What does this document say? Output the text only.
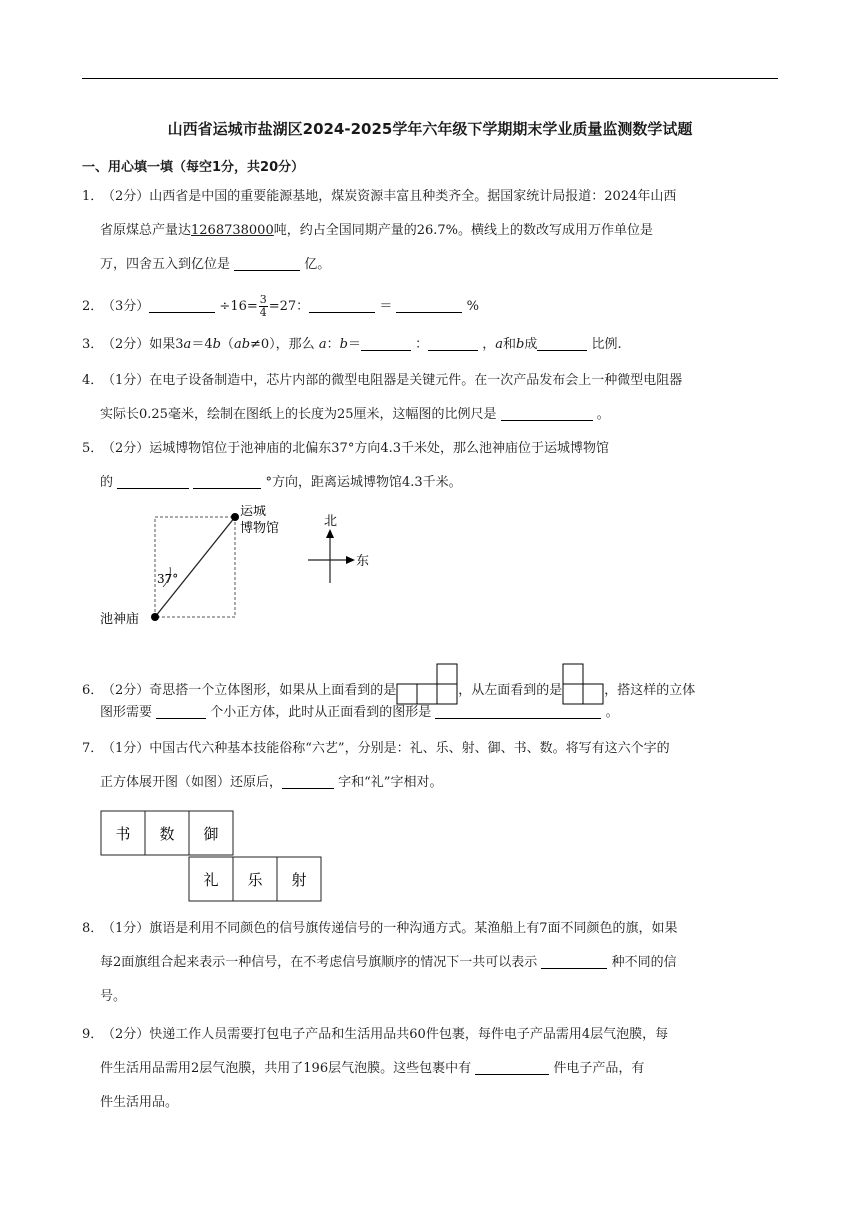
山西省运城市盐湖区2024-2025学年六年级下学期期末学业质量监测数学试题
一、用心填一填（每空1分，共20分）
1．（2分）山西省是中国的重要能源基地，煤炭资源丰富且种类齐全。据国家统计局报道：2024年山西
省原煤总产量达1268738000吨，约占全国同期产量的26.7%。横线上的数改写成用万作单位是
万，四舍五入到亿位是	亿。
2．（3分）	$\div 16= \frac{3}{4} =27$：	＝	%
3．（2分）如果3a＝4b（ab≠0），那么 a：b＝	：	，a和b成	比例.
4．（1分）在电子设备制造中，芯片内部的微型电阻器是关键元件。在一次产品发布会上一种微型电阻器
实际长0.25毫米，绘制在图纸上的长度为25厘米，这幅图的比例尺是	。
5．（2分）运城博物馆位于池神庙的北偏东37°方向4.3千米处，那么池神庙位于运城博物馆
的	°方向，距离运城博物馆4.3千米。
运城
博物馆
池神庙
37°
北
东
6．（2分）奇思搭一个立体图形，如果从上面看到的是	，从左面看到的是	，搭这样的立体
图形需要	个小正方体，此时从正面看到的图形是	。
7．（1分）中国古代六种基本技能俗称“六艺”，分别是：礼、乐、射、御、书、数。将写有这六个字的
正方体展开图（如图）还原后，	字和“礼”字相对。
书 数 御
礼 乐 射
8．（1分）旗语是利用不同颜色的信号旗传递信号的一种沟通方式。某渔船上有7面不同颜色的旗，如果
每2面旗组合起来表示一种信号，在不考虑信号旗顺序的情况下一共可以表示	种不同的信
号。
9．（2分）快递工作人员需要打包电子产品和生活用品共60件包裹，每件电子产品需用4层气泡膜，每
件生活用品需用2层气泡膜，共用了196层气泡膜。这些包裹中有	件电子产品，有
件生活用品。
